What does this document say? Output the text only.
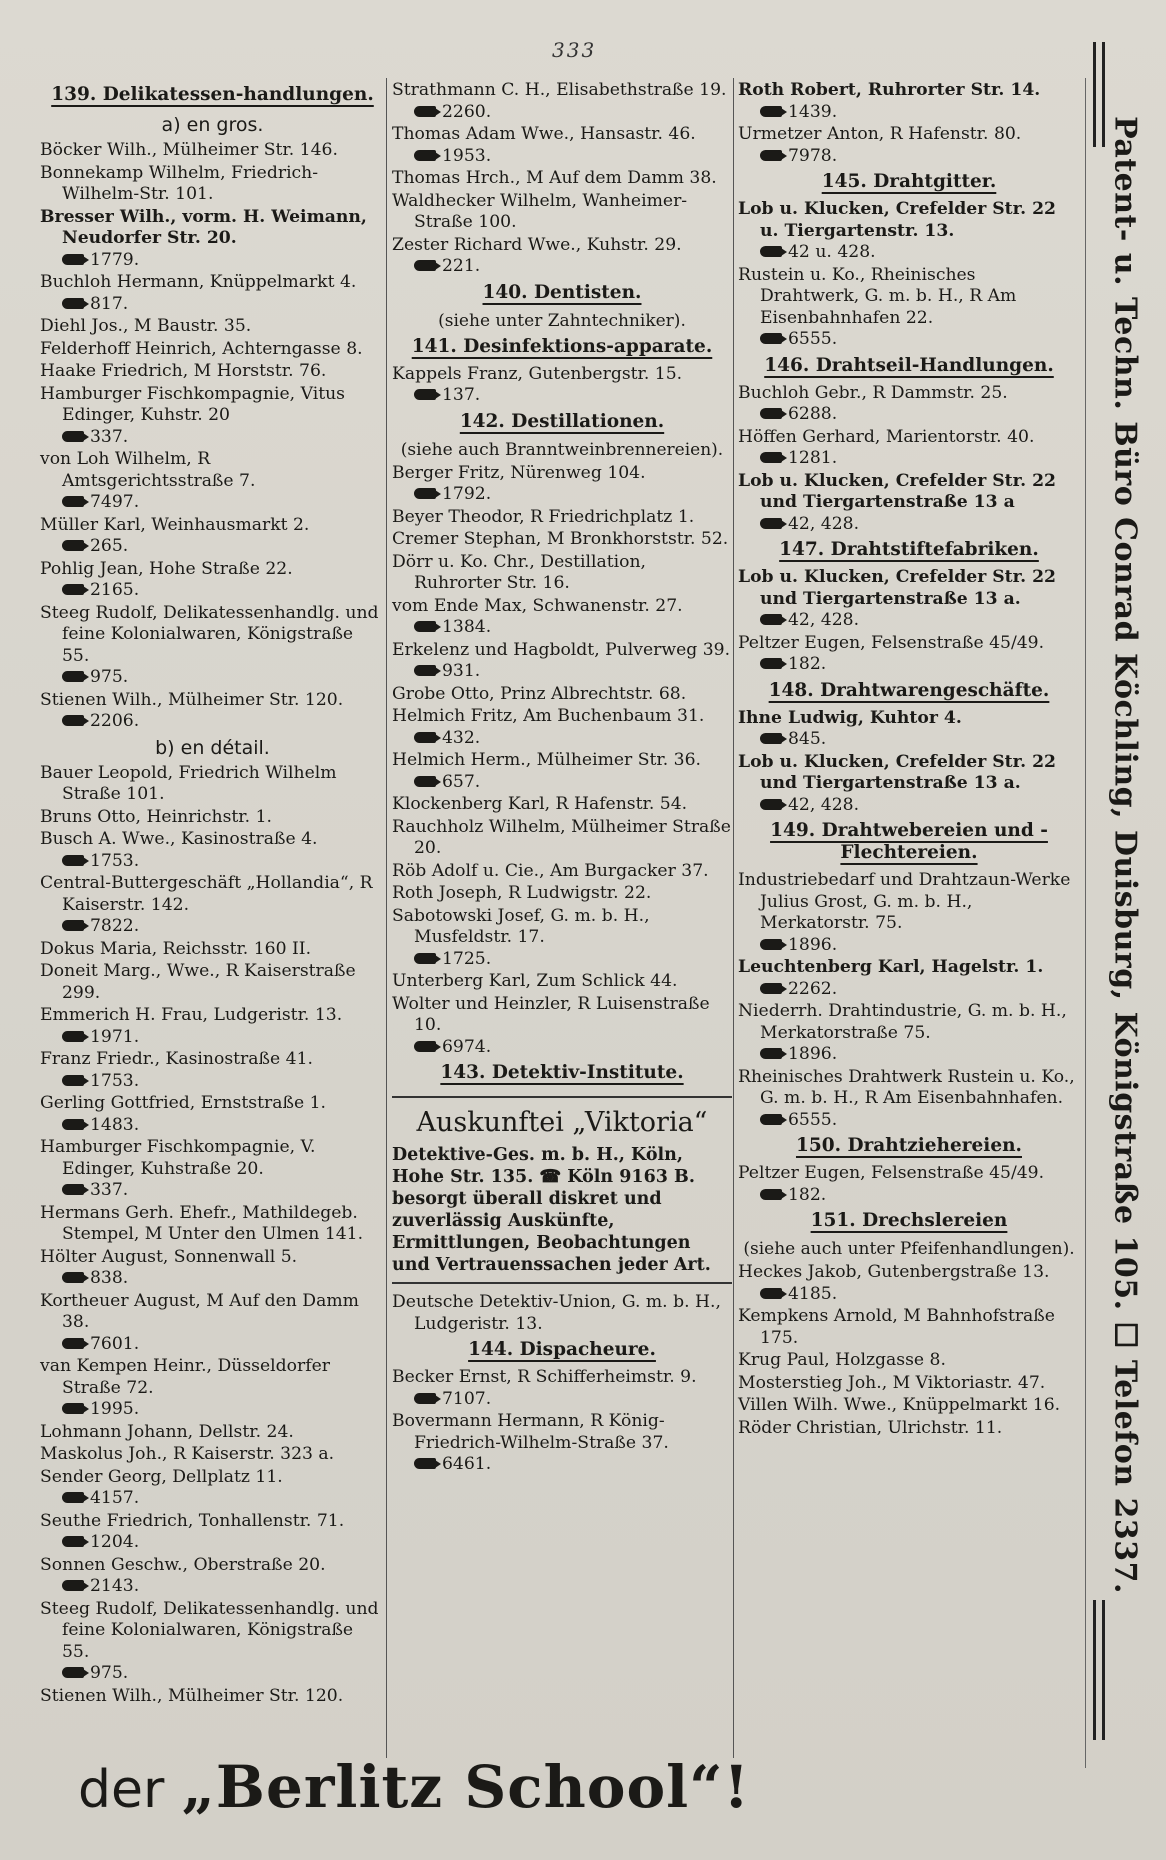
333
139. Delikatessen-handlungen.
a) en gros.
Böcker Wilh., Mülheimer Str. 146.
Bonnekamp Wilhelm, Friedrich-Wilhelm-Str. 101.
Bresser Wilh., vorm. H. Weimann, Neudorfer Str. 20.
1779.
Buchloh Hermann, Knüppelmarkt 4.
817.
Diehl Jos., M Baustr. 35.
Felderhoff Heinrich, Achterngasse 8.
Haake Friedrich, M Horststr. 76.
Hamburger Fischkompagnie, Vitus Edinger, Kuhstr. 20
337.
von Loh Wilhelm, R Amtsgerichtsstraße 7.
7497.
Müller Karl, Weinhausmarkt 2.
265.
Pohlig Jean, Hohe Straße 22.
2165.
Steeg Rudolf, Delikatessenhandlg. und feine Kolonialwaren, Königstraße 55.
975.
Stienen Wilh., Mülheimer Str. 120.
2206.
b) en détail.
Bauer Leopold, Friedrich Wilhelm Straße 101.
Bruns Otto, Heinrichstr. 1.
Busch A. Wwe., Kasinostraße 4.
1753.
Central-Buttergeschäft „Hollandia“, R Kaiserstr. 142.
7822.
Dokus Maria, Reichsstr. 160 II.
Doneit Marg., Wwe., R Kaiserstraße 299.
Emmerich H. Frau, Ludgeristr. 13.
1971.
Franz Friedr., Kasinostraße 41.
1753.
Gerling Gottfried, Ernststraße 1.
1483.
Hamburger Fischkompagnie, V. Edinger, Kuhstraße 20.
337.
Hermans Gerh. Ehefr., Mathildegeb. Stempel, M Unter den Ulmen 141.
Hölter August, Sonnenwall 5.
838.
Kortheuer August, M Auf den Damm 38.
7601.
van Kempen Heinr., Düsseldorfer Straße 72.
1995.
Lohmann Johann, Dellstr. 24.
Maskolus Joh., R Kaiserstr. 323 a.
Sender Georg, Dellplatz 11.
4157.
Seuthe Friedrich, Tonhallenstr. 71.
1204.
Sonnen Geschw., Oberstraße 20.
2143.
Steeg Rudolf, Delikatessenhandlg. und feine Kolonialwaren, Königstraße 55.
975.
Stienen Wilh., Mülheimer Str. 120.
Strathmann C. H., Elisabethstraße 19.
2260.
Thomas Adam Wwe., Hansastr. 46.
1953.
Thomas Hrch., M Auf dem Damm 38.
Waldhecker Wilhelm, Wanheimer-Straße 100.
Zester Richard Wwe., Kuhstr. 29.
221.
140. Dentisten.
(siehe unter Zahntechniker).
141. Desinfektions-apparate.
Kappels Franz, Gutenbergstr. 15.
137.
142. Destillationen.
(siehe auch Branntweinbrennereien).
Berger Fritz, Nürenweg 104.
1792.
Beyer Theodor, R Friedrichplatz 1.
Cremer Stephan, M Bronkhorststr. 52.
Dörr u. Ko. Chr., Destillation, Ruhrorter Str. 16.
vom Ende Max, Schwanenstr. 27.
1384.
Erkelenz und Hagboldt, Pulverweg 39.
931.
Grobe Otto, Prinz Albrechtstr. 68.
Helmich Fritz, Am Buchenbaum 31.
432.
Helmich Herm., Mülheimer Str. 36.
657.
Klockenberg Karl, R Hafenstr. 54.
Rauchholz Wilhelm, Mülheimer Straße 20.
Röb Adolf u. Cie., Am Burgacker 37.
Roth Joseph, R Ludwigstr. 22.
Sabotowski Josef, G. m. b. H., Musfeldstr. 17.
1725.
Unterberg Karl, Zum Schlick 44.
Wolter und Heinzler, R Luisenstraße 10.
6974.
143. Detektiv-Institute.
Auskunftei „Viktoria“
Detektive-Ges. m. b. H., Köln, Hohe Str. 135. ☎ Köln 9163 B. besorgt überall diskret und zuverlässig Auskünfte, Ermittlungen, Beobachtungen und Vertrauenssachen jeder Art.
Deutsche Detektiv-Union, G. m. b. H., Ludgeristr. 13.
144. Dispacheure.
Becker Ernst, R Schifferheimstr. 9.
7107.
Bovermann Hermann, R König-Friedrich-Wilhelm-Straße 37.
6461.
Roth Robert, Ruhrorter Str. 14.
1439.
Urmetzer Anton, R Hafenstr. 80.
7978.
145. Drahtgitter.
Lob u. Klucken, Crefelder Str. 22 u. Tiergartenstr. 13.
42 u. 428.
Rustein u. Ko., Rheinisches Drahtwerk, G. m. b. H., R Am Eisenbahnhafen 22.
6555.
146. Drahtseil-Handlungen.
Buchloh Gebr., R Dammstr. 25.
6288.
Höffen Gerhard, Marientorstr. 40.
1281.
Lob u. Klucken, Crefelder Str. 22 und Tiergartenstraße 13 a
42, 428.
147. Drahtstiftefabriken.
Lob u. Klucken, Crefelder Str. 22 und Tiergartenstraße 13 a.
42, 428.
Peltzer Eugen, Felsenstraße 45/49.
182.
148. Drahtwarengeschäfte.
Ihne Ludwig, Kuhtor 4.
845.
Lob u. Klucken, Crefelder Str. 22 und Tiergartenstraße 13 a.
42, 428.
149. Drahtwebereien und -Flechtereien.
Industriebedarf und Drahtzaun-Werke Julius Grost, G. m. b. H., Merkatorstr. 75.
1896.
Leuchtenberg Karl, Hagelstr. 1.
2262.
Niederrh. Drahtindustrie, G. m. b. H., Merkatorstraße 75.
1896.
Rheinisches Drahtwerk Rustein u. Ko., G. m. b. H., R Am Eisenbahnhafen.
6555.
150. Drahtziehereien.
Peltzer Eugen, Felsenstraße 45/49.
182.
151. Drechslereien
(siehe auch unter Pfeifenhandlungen).
Heckes Jakob, Gutenbergstraße 13.
4185.
Kempkens Arnold, M Bahnhofstraße 175.
Krug Paul, Holzgasse 8.
Mosterstieg Joh., M Viktoriastr. 47.
Villen Wilh. Wwe., Knüppelmarkt 16.
Röder Christian, Ulrichstr. 11.	Patent- u. Techn. Büro Conrad Köchling, Duisburg, Königstraße 105. ☐ Telefon 2337.
der „Berlitz School“!
